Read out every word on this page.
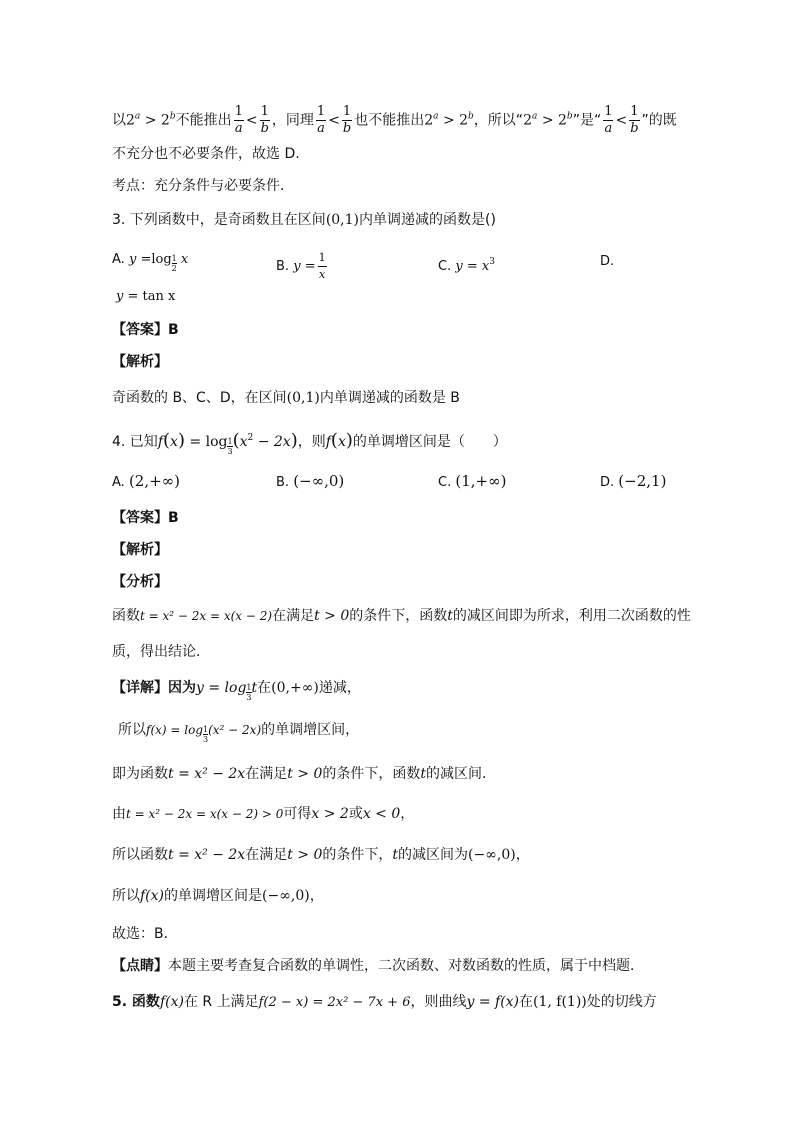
以$2^a > 2^b$不能推出 $\frac{1}{a} < \frac{1}{b}$ ，同理 $\frac{1}{a} < \frac{1}{b}$ 也不能推出$2^a > 2^b$，所以“$2^a > 2^b$”是“ $\frac{1}{a} < \frac{1}{b}$ ”的既
不充分也不必要条件，故选 D.
考点：充分条件与必要条件．
3. 下列函数中，是奇函数且在区间(0,1)内单调递减的函数是()
A. $y =\log \frac{1}{2}$ x	B. $y = \frac{1}{x}$	C. $y = x^3$	D.
y = tan x
【答案】B
【解析】
奇函数的 B、C、D，在区间(0,1)内单调递减的函数是 B
4. 已知$f(x) = \log \frac{1}{3} (x^2 - 2x)$，则f(x)的单调增区间是（　　）
A. (2,+∞)	B. (−∞,0)	C. (1,+∞)	D. (−2,1)
【答案】B
【解析】
【分析】
函数t = x² − 2x = x(x − 2)在满足t > 0的条件下，函数t的减区间即为所求，利用二次函数的性
质，得出结论．
【详解】因为$y = \log \frac{1}{3}$ t在(0,+∞)递减，
所以$f(x) = \log \frac{1}{3} (x^2 - 2x)$的单调增区间，
即为函数t = x² − 2x在满足t > 0的条件下，函数t的减区间．
由t = x² − 2x = x(x − 2) > 0可得x > 2或x < 0，
所以函数t = x² − 2x在满足t > 0的条件下，t的减区间为(−∞,0)，
所以f(x)的单调增区间是(−∞,0)，
故选：B．
【点睛】本题主要考查复合函数的单调性，二次函数、对数函数的性质，属于中档题．
5. 函数f(x)在 R 上满足f(2 − x) = 2x² − 7x + 6，则曲线y = f(x)在(1, f(1))处的切线方
